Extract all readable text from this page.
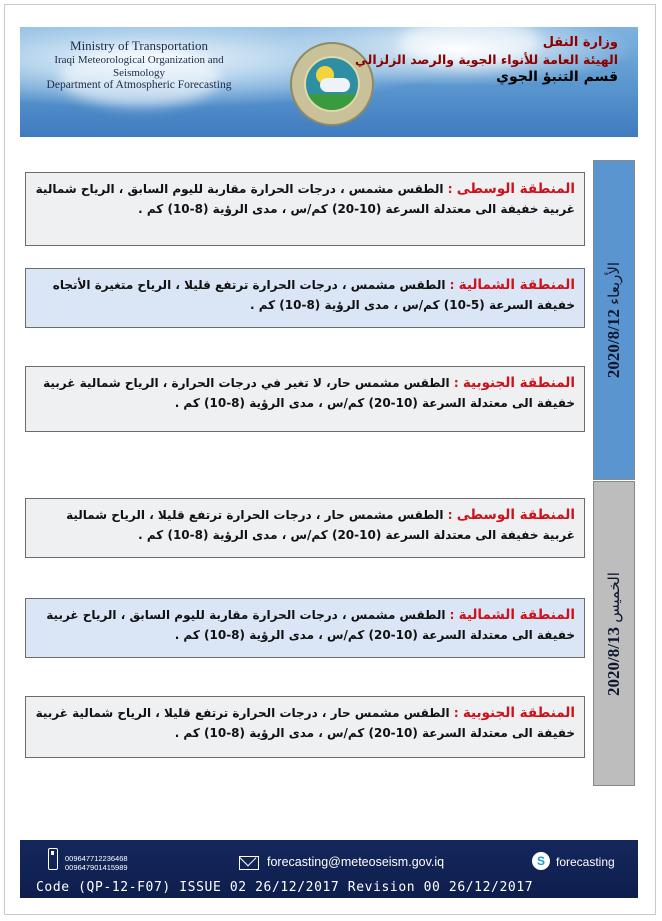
Ministry of Transportation
Iraqi Meteorological Organization and Seismology
Department of Atmospheric Forecasting
وزارة النقل
الهيئة العامة للأنواء الجوية والرصد الزلزالي
قسم التنبؤ الجوي
المنطقة الوسطى : الطقس مشمس ، درجات الحرارة مقاربة لليوم السابق ، الرياح شمالية غربية خفيفة الى معتدلة السرعة (10-20) كم/س ، مدى الرؤية (8-10) كم .
المنطقة الشمالية : الطقس مشمس ، درجات الحرارة ترتفع قليلا ، الرياح متغيرة الأتجاه خفيفة السرعة (5-10) كم/س ، مدى الرؤية (8-10) كم .
المنطقة الجنوبية : الطقس مشمس حار، لا تغير في درجات الحرارة ، الرياح شمالية غربية خفيفة الى معتدلة السرعة (10-20) كم/س ، مدى الرؤية (8-10) كم .
2020/8/12 الأربعاء
المنطقة الوسطى : الطقس مشمس حار ، درجات الحرارة ترتفع قليلا ، الرياح شمالية غربية خفيفة الى معتدلة السرعة (10-20) كم/س ، مدى الرؤية (8-10) كم .
المنطقة الشمالية : الطقس مشمس ، درجات الحرارة مقاربة لليوم السابق ، الرياح غربية خفيفة الى معتدلة السرعة (10-20) كم/س ، مدى الرؤية (8-10) كم .
المنطقة الجنوبية : الطقس مشمس حار ، درجات الحرارة ترتفع قليلا ، الرياح شمالية غربية خفيفة الى معتدلة السرعة (10-20) كم/س ، مدى الرؤية (8-10) كم .
2020/8/13 الخميس
009647712236468
009647901415989	forecasting@meteoseism.gov.iq	S forecasting
Code (QP-12-F07) ISSUE 02 26/12/2017 Revision 00 26/12/2017
